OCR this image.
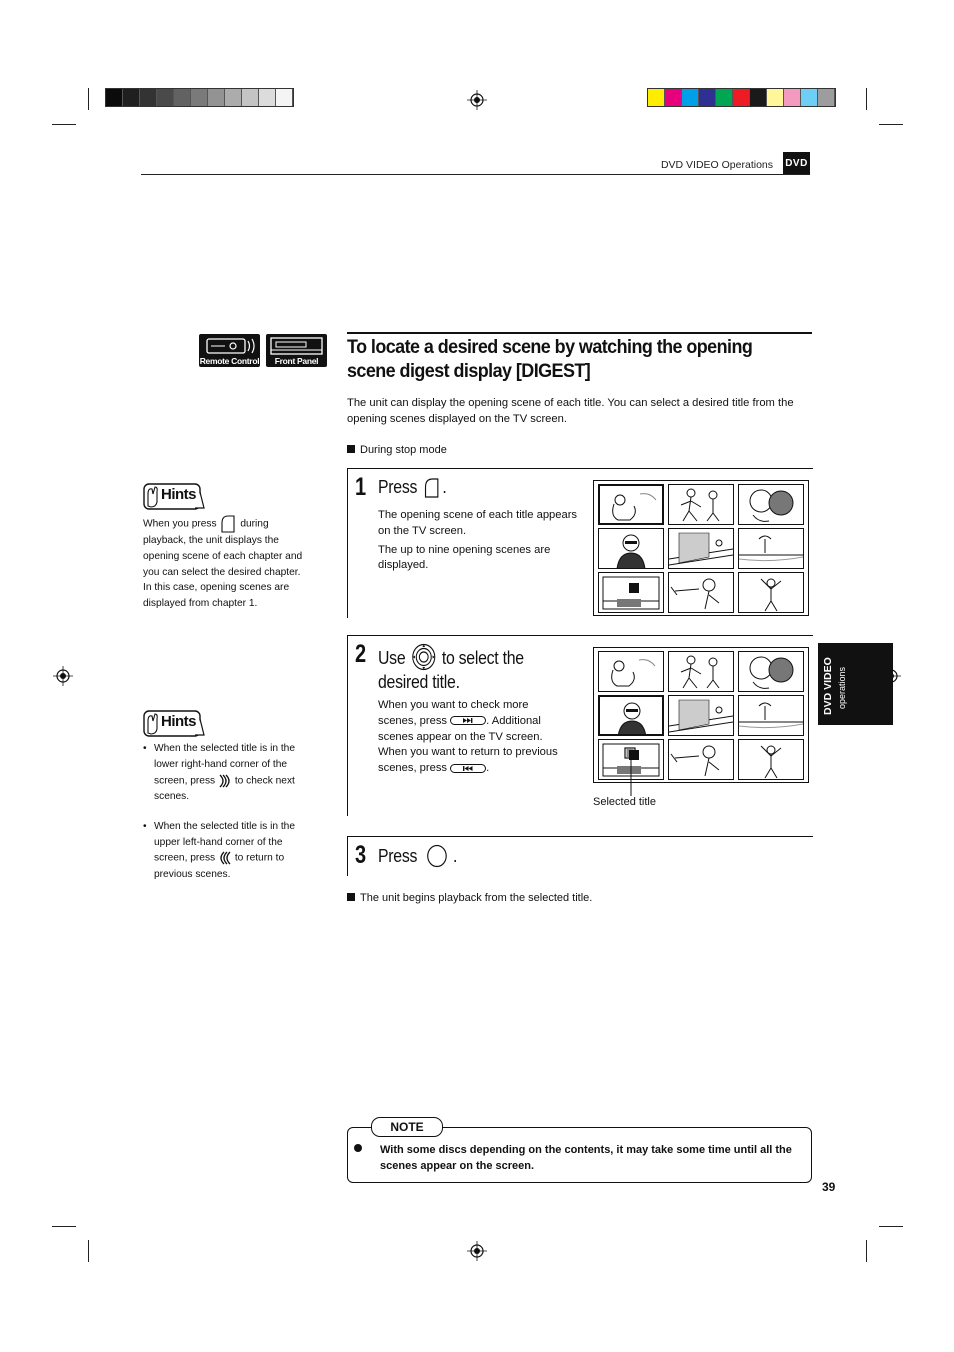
DVD VIDEO Operations DVD
Remote Control	Front Panel
To locate a desired scene by watching the opening scene digest display [DIGEST]
The unit can display the opening scene of each title. You can select a desired title from the opening scenes displayed on the TV screen.
During stop mode
1 Press .

The opening scene of each title appears on the TV screen.

The up to nine opening scenes are displayed.

2 Use to select the
desired title.
When you want to check more scenes, press	. Additional scenes appear on the TV screen. When you want to return to previous scenes, press	.
3 Press .
The unit begins playback from the selected title.
Selected title
Hints
When you press during playback, the unit displays the opening scene of each chapter and you can select the desired chapter. In this case, opening scenes are displayed from chapter 1.
Hints
• When the selected title is in the lower right-hand corner of the screen, press to check next scenes.
• When the selected title is in the upper left-hand corner of the screen, press to return to previous scenes.
DVD VIDEO operations
NOTE
With some discs depending on the contents, it may take some time until all the scenes appear on the screen.
39
